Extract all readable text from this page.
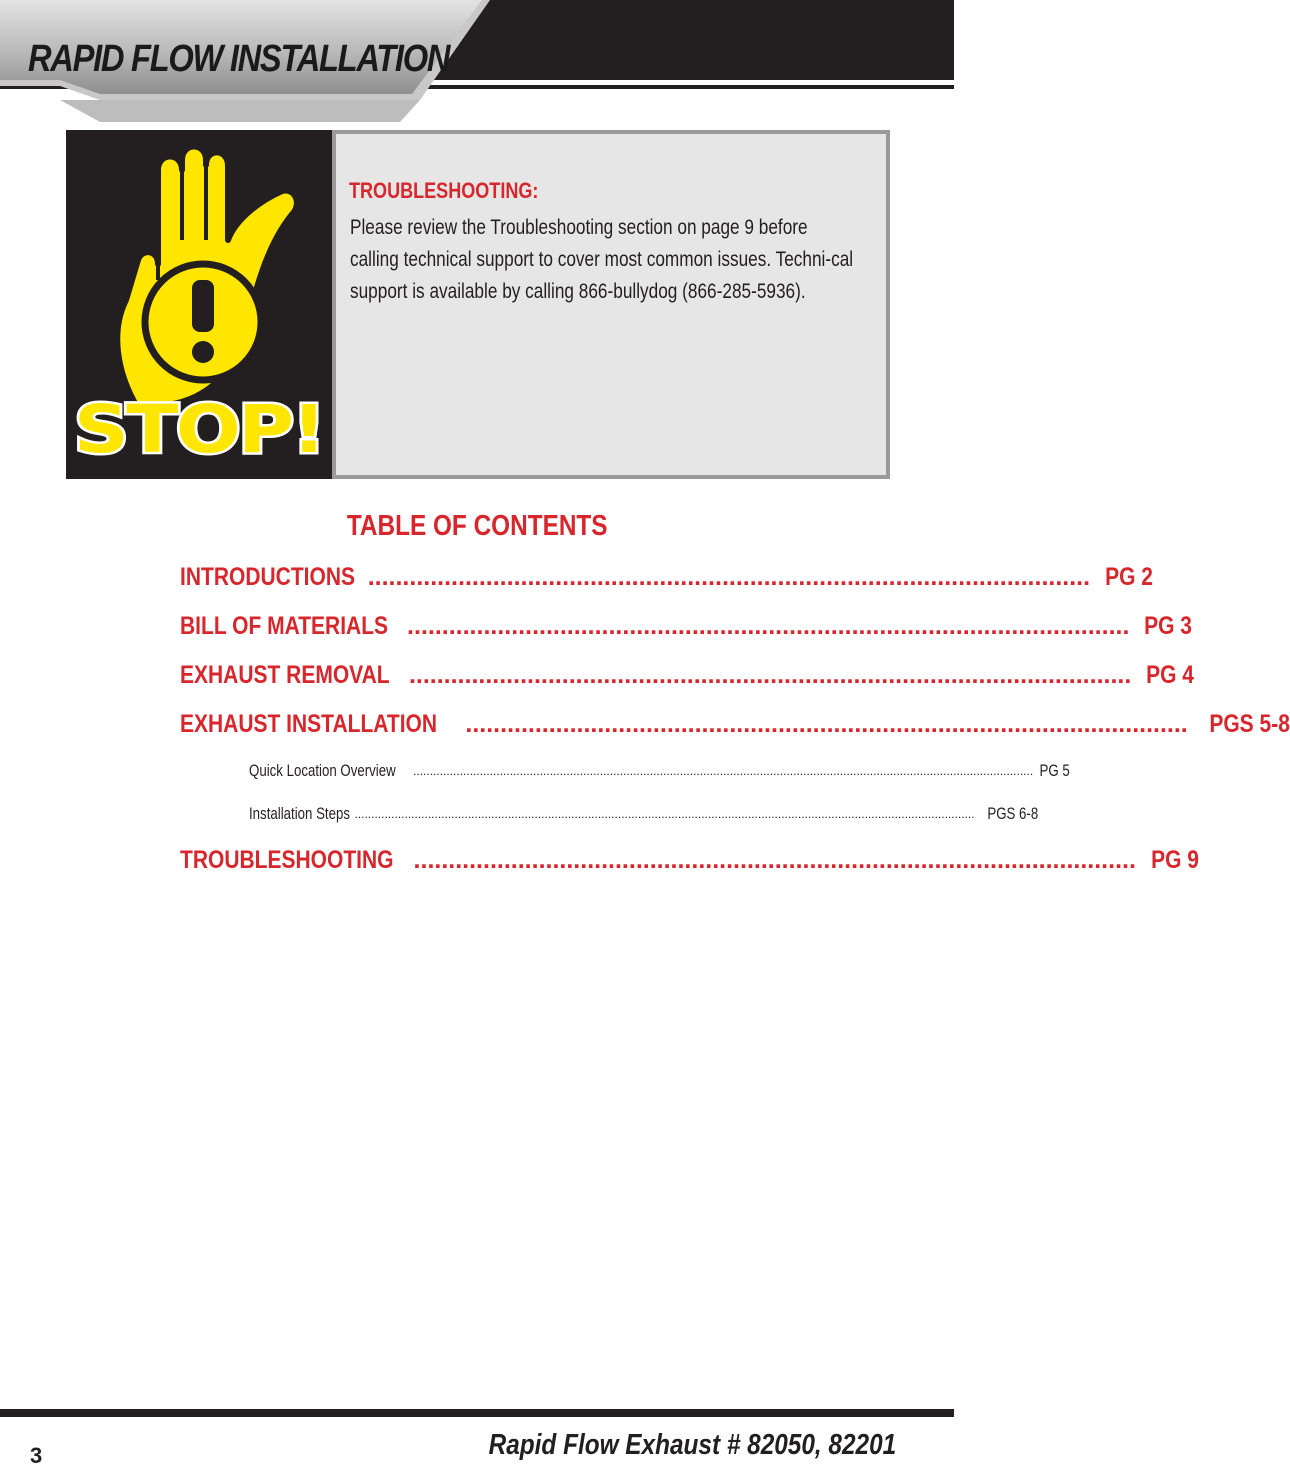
RAPID FLOW INSTALLATION
STOP!
TROUBLESHOOTING:
Please review the Troubleshooting section on page 9 before calling technical support to cover most common issues. Techni-cal support is available by calling 866-bullydog (866-285-5936).
TABLE OF CONTENTS
INTRODUCTIONS ........................................................................................................ PG 2
BILL OF MATERIALS ........................................................................................................ PG 3
EXHAUST REMOVAL ........................................................................................................ PG 4
EXHAUST INSTALLATION ........................................................................................................ PGS 5-8
Quick Location Overview .......................................................................................................................................................................................... PG 5
Installation Steps .......................................................................................................................................................................................... PGS 6-8
TROUBLESHOOTING ........................................................................................................ PG 9
3	Rapid Flow Exhaust # 82050, 82201
